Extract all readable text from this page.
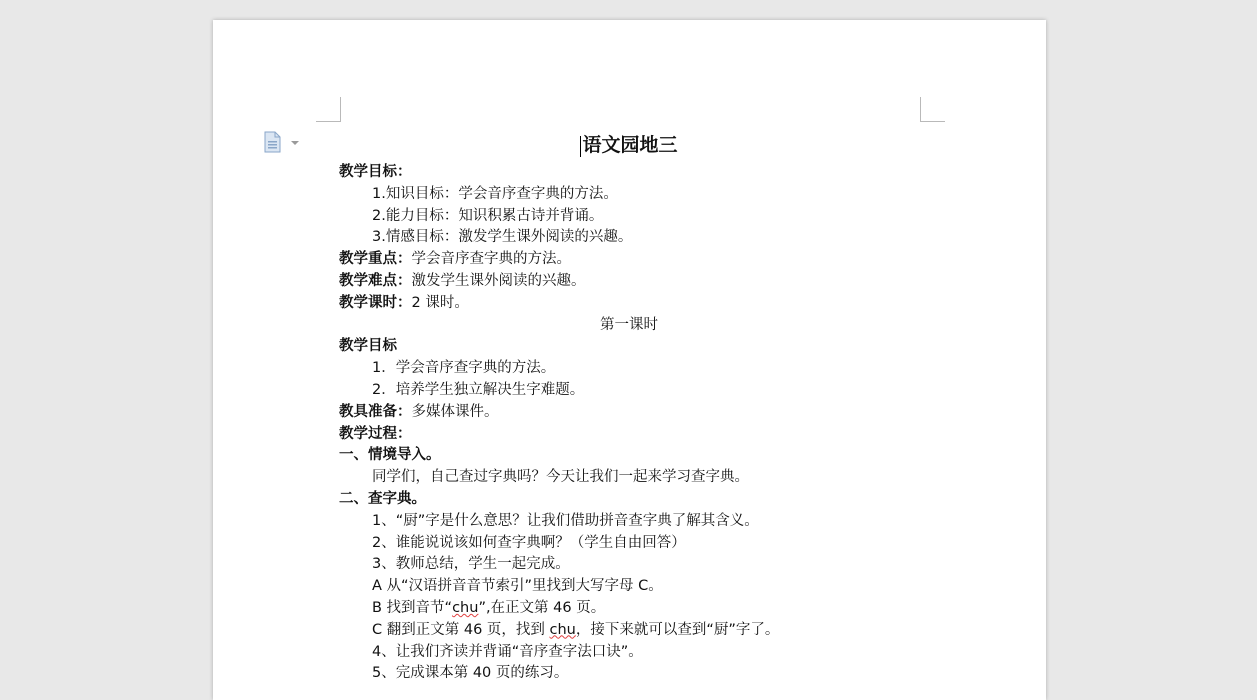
语文园地三
教学目标：
1.知识目标：学会音序查字典的方法。
2.能力目标：知识积累古诗并背诵。
3.情感目标：激发学生课外阅读的兴趣。
教学重点：学会音序查字典的方法。
教学难点：激发学生课外阅读的兴趣。
教学课时：2 课时。
第一课时
教学目标
1．学会音序查字典的方法。
2．培养学生独立解决生字难题。
教具准备：多媒体课件。
教学过程：
一、情境导入。
同学们，自己查过字典吗？今天让我们一起来学习查字典。
二、查字典。
1、“厨”字是什么意思？让我们借助拼音查字典了解其含义。
2、谁能说说该如何查字典啊？（学生自由回答）
3、教师总结，学生一起完成。
A 从“汉语拼音音节索引”里找到大写字母 C。
B 找到音节“chu”,在正文第 46 页。
C 翻到正文第 46 页，找到 chu，接下来就可以查到“厨”字了。
4、让我们齐读并背诵“音序查字法口诀”。
5、完成课本第 40 页的练习。
